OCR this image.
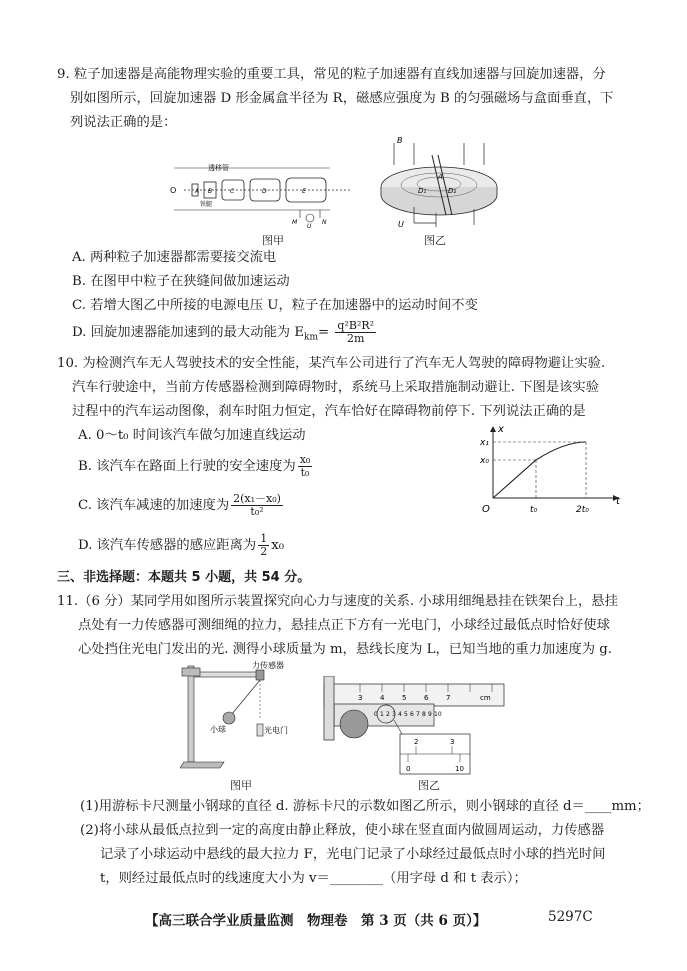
9. 粒子加速器是高能物理实验的重要工具，常见的粒子加速器有直线加速器与回旋加速器，分
别如图所示，回旋加速器 D 形金属盒半径为 R，磁感应强度为 B 的匀强磁场与盒面垂直，下
列说法正确的是：
O
透移管
铁腿
A B	C	D	E
M
U
N
图甲
B
A
D₁	D₂
U
图乙
A. 两种粒子加速器都需要接交流电
B. 在图甲中粒子在狭缝间做加速运动
C. 若增大图乙中所接的电源电压 U，粒子在加速器中的运动时间不变
D. 回旋加速器能加速到的最大动能为 $E_{km}= \frac{\text{q²B²R²}}{2m}$
10. 为检测汽车无人驾驶技术的安全性能，某汽车公司进行了汽车无人驾驶的障碍物避让实验.
汽车行驶途中，当前方传感器检测到障碍物时，系统马上采取措施制动避让. 下图是该实验
过程中的汽车运动图像，刹车时阻力恒定，汽车恰好在障碍物前停下. 下列说法正确的是
A. 0～t₀ 时间该汽车做匀加速直线运动
B. 该汽车在路面上行驶的安全速度为 $\frac{\text{x₀}}{\text{t₀}}$
C. 该汽车减速的加速度为 $\frac{\text{2(x₁－x₀)}}{\text{t₀²}}$
D. 该汽车传感器的感应距离为 $\frac{1}{2} x_0$
t
x
O
x₁
x₀
t₀	2t₀
三、非选择题：本题共 5 小题，共 54 分。
11.（6 分）某同学用如图所示装置探究向心力与速度的关系. 小球用细绳悬挂在铁架台上，悬挂
点处有一力传感器可测细绳的拉力，悬挂点正下方有一光电门，小球经过最低点时恰好使球
心处挡住光电门发出的光. 测得小球质量为 m，悬线长度为 L，已知当地的重力加速度为 g.
力传感器
小球	光电门
图甲
3	4	5	6	7	cm
0 1 2 3 4 5 6 7 8 9 10
2	3
0	10
图乙
(1)用游标卡尺测量小钢球的直径 d. 游标卡尺的示数如图乙所示，则小钢球的直径 d＝____mm；
(2)将小球从最低点拉到一定的高度由静止释放，使小球在竖直面内做圆周运动，力传感器
记录了小球运动中悬线的最大拉力 F，光电门记录了小球经过最低点时小球的挡光时间
t，则经过最低点时的线速度大小为 v＝________（用字母 d 和 t 表示）；
【高三联合学业质量监测　物理卷　第 3 页（共 6 页）】	5297C
